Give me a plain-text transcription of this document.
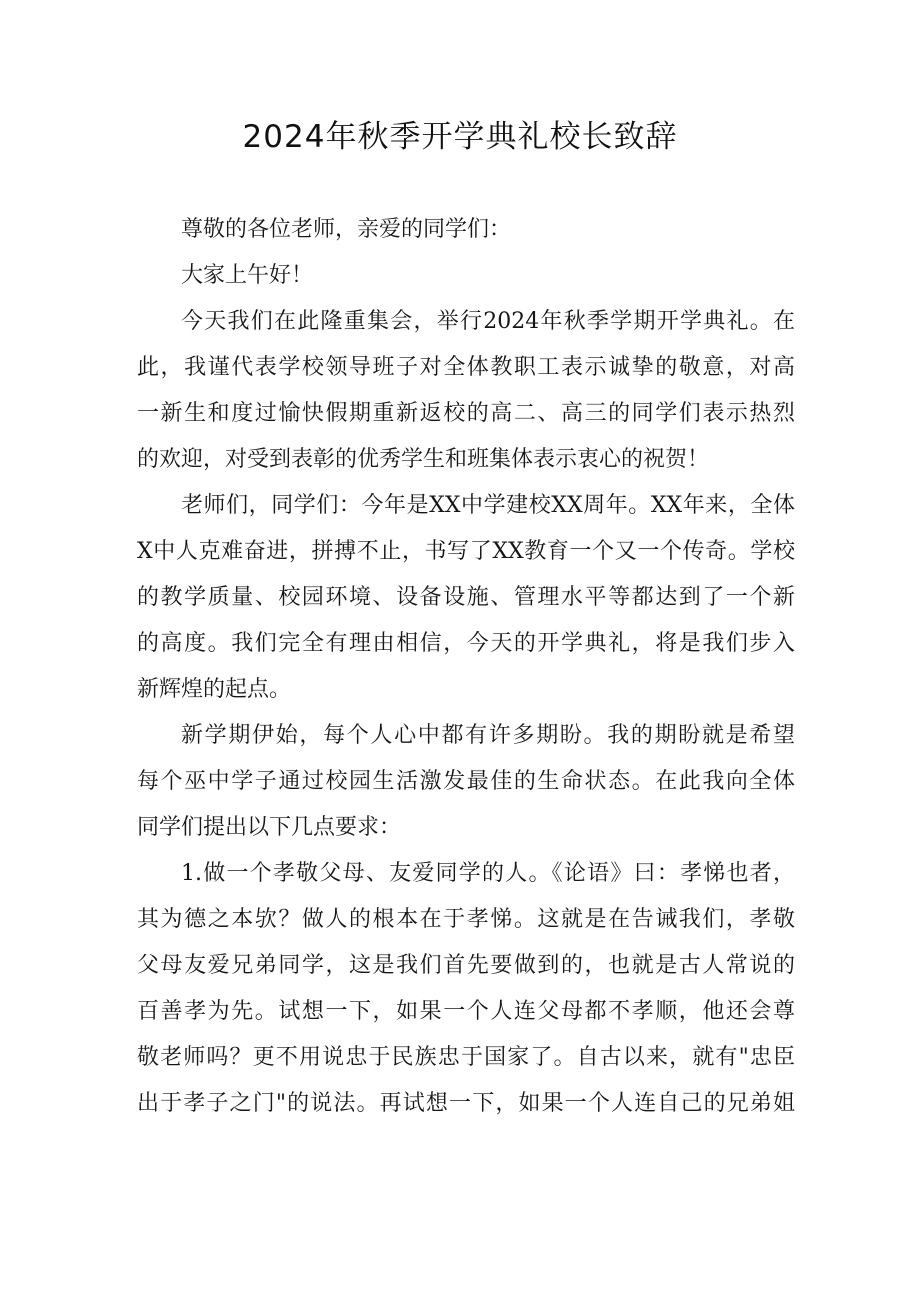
2024年秋季开学典礼校长致辞
尊敬的各位老师，亲爱的同学们：
大家上午好！
今天我们在此隆重集会，举行2024年秋季学期开学典礼。在
此，我谨代表学校领导班子对全体教职工表示诚挚的敬意，对高
一新生和度过愉快假期重新返校的高二、高三的同学们表示热烈
的欢迎，对受到表彰的优秀学生和班集体表示衷心的祝贺！
老师们，同学们：今年是XX中学建校XX周年。XX年来，全体
X中人克难奋进，拼搏不止，书写了XX教育一个又一个传奇。学校
的教学质量、校园环境、设备设施、管理水平等都达到了一个新
的高度。我们完全有理由相信，今天的开学典礼，将是我们步入
新辉煌的起点。
新学期伊始，每个人心中都有许多期盼。我的期盼就是希望
每个巫中学子通过校园生活激发最佳的生命状态。在此我向全体
同学们提出以下几点要求：
1.做一个孝敬父母、友爱同学的人。《论语》曰：孝悌也者，
其为德之本欤？做人的根本在于孝悌。这就是在告诫我们，孝敬
父母友爱兄弟同学，这是我们首先要做到的，也就是古人常说的
百善孝为先。试想一下，如果一个人连父母都不孝顺，他还会尊
敬老师吗？更不用说忠于民族忠于国家了。自古以来，就有"忠臣
出于孝子之门"的说法。再试想一下，如果一个人连自己的兄弟姐
